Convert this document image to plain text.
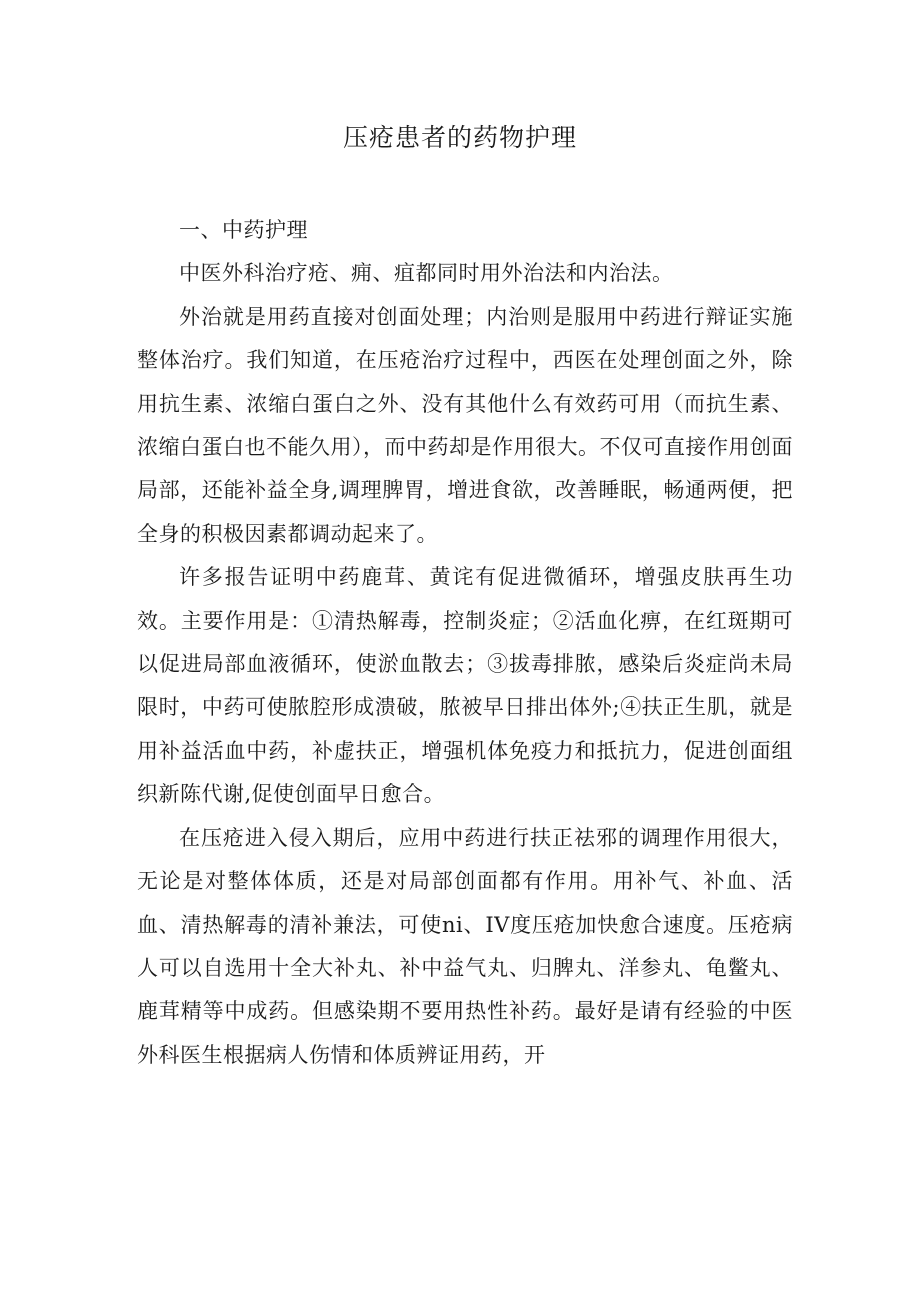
压疮患者的药物护理

一、中药护理

中医外科治疗疮、痈、疽都同时用外治法和内治法。

外治就是用药直接对创面处理；内治则是服用中药进行辩证实施整体治疗。我们知道，在压疮治疗过程中，西医在处理创面之外，除用抗生素、浓缩白蛋白之外、没有其他什么有效药可用（而抗生素、浓缩白蛋白也不能久用），而中药却是作用很大。不仅可直接作用创面局部，还能补益全身,调理脾胃，增进食欲，改善睡眠，畅通两便，把全身的积极因素都调动起来了。

许多报告证明中药鹿茸、黄诧有促进微循环，增强皮肤再生功效。主要作用是：①清热解毒，控制炎症；②活血化痹，在红斑期可以促进局部血液循环，使淤血散去；③拔毒排脓，感染后炎症尚未局限时，中药可使脓腔形成溃破，脓被早日排出体外;④扶正生肌，就是用补益活血中药，补虚扶正，增强机体免疫力和抵抗力，促进创面组织新陈代谢,促使创面早日愈合。

在压疮进入侵入期后，应用中药进行扶正祛邪的调理作用很大，无论是对整体体质，还是对局部创面都有作用。用补气、补血、活血、清热解毒的清补兼法，可使ni、IV度压疮加快愈合速度。压疮病人可以自选用十全大补丸、补中益气丸、归脾丸、洋参丸、龟鳖丸、鹿茸精等中成药。但感染期不要用热性补药。最好是请有经验的中医外科医生根据病人伤情和体质辨证用药，开
